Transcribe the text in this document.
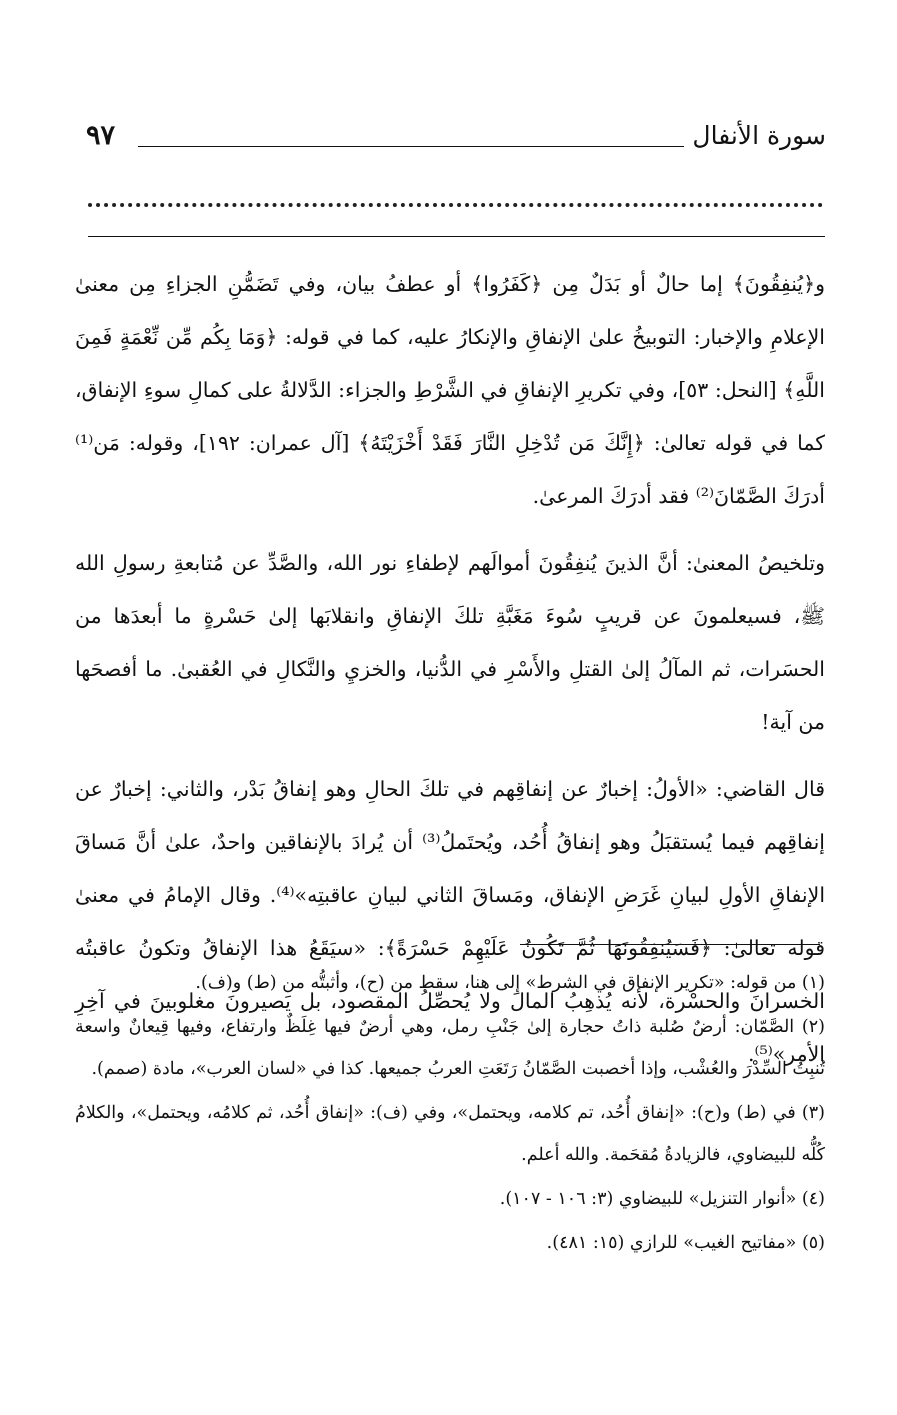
سورة الأنفال
٩٧

و﴿يُنفِقُونَ﴾ إما حالٌ أو بَدَلٌ مِن ﴿كَفَرُوا﴾ أو عطفُ بيان، وفي تَضَمُّنِ الجزاءِ مِن معنىٰ الإعلامِ والإخبار: التوبيخُ علىٰ الإنفاقِ والإنكارُ عليه، كما في قوله: ﴿وَمَا بِكُم مِّن نِّعْمَةٍ فَمِنَ اللَّهِ﴾ [النحل: ٥٣]، وفي تكريرِ الإنفاقِ في الشَّرْطِ والجزاء: الدَّلالةُ على كمالِ سوءِ الإنفاق، كما في قوله تعالىٰ: ﴿إِنَّكَ مَن تُدْخِلِ النَّارَ فَقَدْ أَخْزَيْتَهُ﴾ [آل عمران: ١٩٢]، وقوله: مَن⁽¹⁾ أدرَكَ الصَّمّانَ⁽²⁾ فقد أدرَكَ المرعىٰ.

وتلخيصُ المعنىٰ: أنَّ الذينَ يُنفِقُونَ أموالَهم لإطفاءِ نور الله، والصَّدِّ عن مُتابعةِ رسولِ الله ﷺ، فسيعلمونَ عن قريبٍ سُوءَ مَغَبَّةِ تلكَ الإنفاقِ وانقلابَها إلىٰ حَسْرةٍ ما أبعدَها من الحسَرات، ثم المآلُ إلىٰ القتلِ والأَسْرِ في الدُّنيا، والخزيِ والنَّكالِ في العُقبىٰ. ما أفصحَها من آية!

قال القاضي: «الأولُ: إخبارٌ عن إنفاقِهم في تلكَ الحالِ وهو إنفاقُ بَدْر، والثاني: إخبارٌ عن إنفاقِهم فيما يُستقبَلُ وهو إنفاقُ أُحُد، ويُحتَملُ⁽³⁾ أن يُرادَ بالإنفاقين واحدٌ، علىٰ أنَّ مَساقَ الإنفاقِ الأولِ لبيانِ غَرَضِ الإنفاق، ومَساقَ الثاني لبيانِ عاقبتِه»⁽⁴⁾. وقال الإمامُ في معنىٰ قوله تعالىٰ: ﴿فَسَيُنفِقُونَهَا ثُمَّ تَكُونُ عَلَيْهِمْ حَسْرَةً﴾: «سيَقَعُ هذا الإنفاقُ وتكونُ عاقبتُه الخسرانَ والحسْرة، لأنه يُذهِبُ المالَ ولا يُحصِّلُ المقصود، بل يَصيرونَ مغلوبينَ في آخِرِ الأمر»⁽⁵⁾.

(١) من قوله: «تكرير الإنفاق في الشرط» إلى هنا، سقط من (ح)، وأثبتُّه من (ط) و(ف).

(٢) الصَّمّان: أرضٌ صُلبة ذاتُ حجارة إلىٰ جَنْبِ رمل، وهي أرضٌ فيها غِلَظٌ وارتفاع، وفيها قِيعانٌ واسعة تُنبِتُ السِّدْرَ والعُشْب، وإذا أخصبت الصَّمّانُ رَتَعَتِ العربُ جميعها. كذا في «لسان العرب»، مادة (صمم).

(٣) في (ط) و(ح): «إنفاق أُحُد، تم كلامه، ويحتمل»، وفي (ف): «إنفاق أُحُد، ثم كلامُه، ويحتمل»، والكلامُ كُلُّه للبيضاوي، فالزيادةُ مُقحَمة. والله أعلم.

(٤) «أنوار التنزيل» للبيضاوي (٣: ١٠٦ - ١٠٧).

(٥) «مفاتيح الغيب» للرازي (١٥: ٤٨١).
